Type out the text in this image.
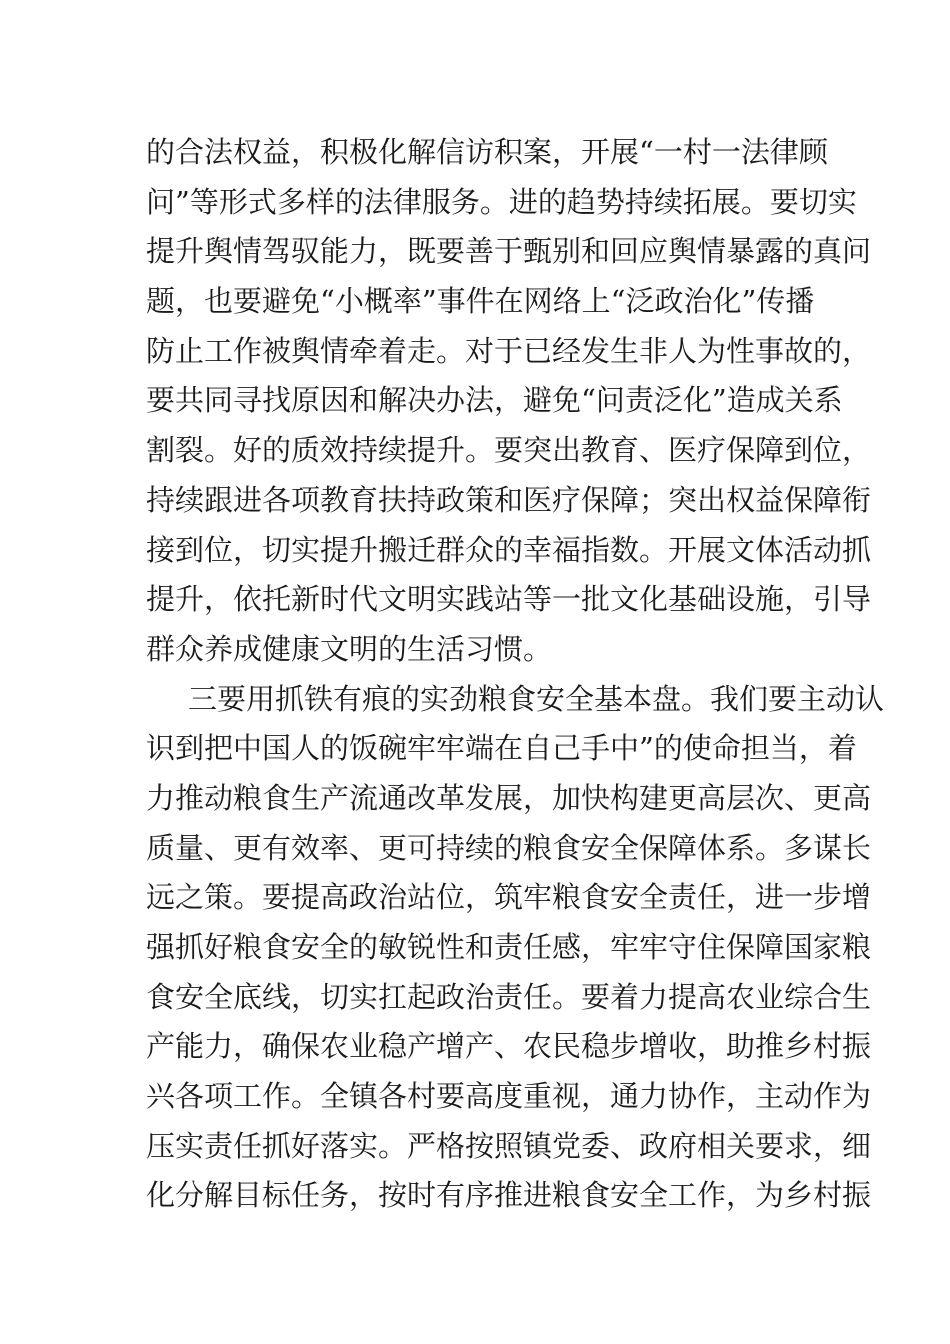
的合法权益，积极化解信访积案，开展“一村一法律顾
问”等形式多样的法律服务。进的趋势持续拓展。要切实
提升舆情驾驭能力，既要善于甄别和回应舆情暴露的真问
题，也要避免“小概率”事件在网络上“泛政治化”传播
防止工作被舆情牵着走。对于已经发生非人为性事故的，
要共同寻找原因和解决办法，避免“问责泛化”造成关系
割裂。好的质效持续提升。要突出教育、医疗保障到位，
持续跟进各项教育扶持政策和医疗保障；突出权益保障衔
接到位，切实提升搬迁群众的幸福指数。开展文体活动抓
提升，依托新时代文明实践站等一批文化基础设施，引导
群众养成健康文明的生活习惯。
三要用抓铁有痕的实劲粮食安全基本盘。我们要主动认
识到把中国人的饭碗牢牢端在自己手中”的使命担当，着
力推动粮食生产流通改革发展，加快构建更高层次、更高
质量、更有效率、更可持续的粮食安全保障体系。多谋长
远之策。要提高政治站位，筑牢粮食安全责任，进一步增
强抓好粮食安全的敏锐性和责任感，牢牢守住保障国家粮
食安全底线，切实扛起政治责任。要着力提高农业综合生
产能力，确保农业稳产增产、农民稳步增收，助推乡村振
兴各项工作。全镇各村要高度重视，通力协作，主动作为
压实责任抓好落实。严格按照镇党委、政府相关要求，细
化分解目标任务，按时有序推进粮食安全工作，为乡村振
